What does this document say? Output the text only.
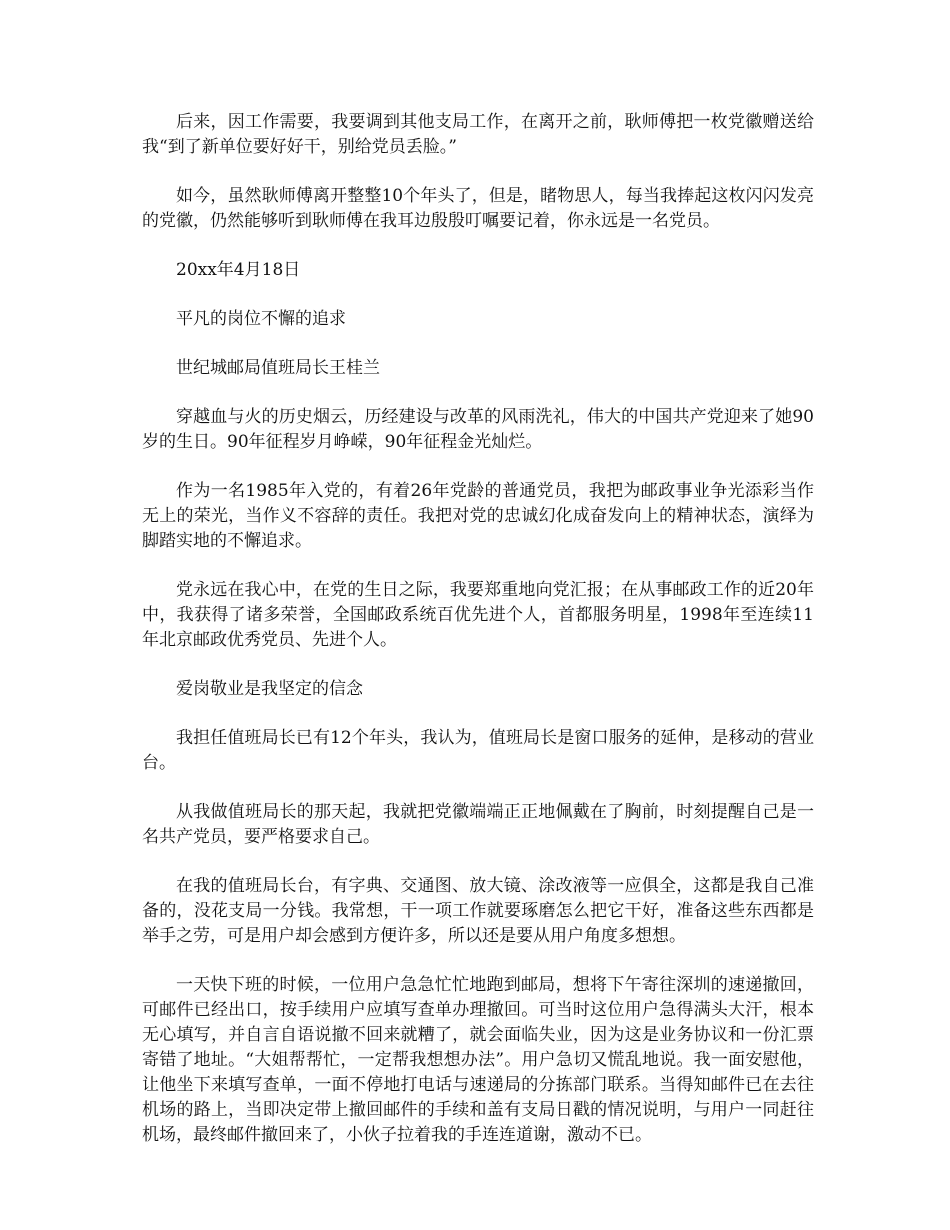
后来，因工作需要，我要调到其他支局工作，在离开之前，耿师傅把一枚党徽赠送给我“到了新单位要好好干，别给党员丢脸。”

如今，虽然耿师傅离开整整10个年头了，但是，睹物思人，每当我捧起这枚闪闪发亮的党徽，仍然能够听到耿师傅在我耳边殷殷叮嘱要记着，你永远是一名党员。

20xx年4月18日

平凡的岗位不懈的追求

世纪城邮局值班局长王桂兰

穿越血与火的历史烟云，历经建设与改革的风雨洗礼，伟大的中国共产党迎来了她90岁的生日。90年征程岁月峥嵘，90年征程金光灿烂。

作为一名1985年入党的，有着26年党龄的普通党员，我把为邮政事业争光添彩当作无上的荣光，当作义不容辞的责任。我把对党的忠诚幻化成奋发向上的精神状态，演绎为脚踏实地的不懈追求。

党永远在我心中，在党的生日之际，我要郑重地向党汇报；在从事邮政工作的近20年中，我获得了诸多荣誉，全国邮政系统百优先进个人，首都服务明星，1998年至连续11年北京邮政优秀党员、先进个人。

爱岗敬业是我坚定的信念

我担任值班局长已有12个年头，我认为，值班局长是窗口服务的延伸，是移动的营业台。

从我做值班局长的那天起，我就把党徽端端正正地佩戴在了胸前，时刻提醒自己是一名共产党员，要严格要求自己。

在我的值班局长台，有字典、交通图、放大镜、涂改液等一应俱全，这都是我自己准备的，没花支局一分钱。我常想，干一项工作就要琢磨怎么把它干好，准备这些东西都是举手之劳，可是用户却会感到方便许多，所以还是要从用户角度多想想。

一天快下班的时候，一位用户急急忙忙地跑到邮局，想将下午寄往深圳的速递撤回，可邮件已经出口，按手续用户应填写查单办理撤回。可当时这位用户急得满头大汗，根本无心填写，并自言自语说撤不回来就糟了，就会面临失业，因为这是业务协议和一份汇票寄错了地址。“大姐帮帮忙，一定帮我想想办法”。用户急切又慌乱地说。我一面安慰他，让他坐下来填写查单，一面不停地打电话与速递局的分拣部门联系。当得知邮件已在去往机场的路上，当即决定带上撤回邮件的手续和盖有支局日戳的情况说明，与用户一同赶往机场，最终邮件撤回来了，小伙子拉着我的手连连道谢，激动不已。
